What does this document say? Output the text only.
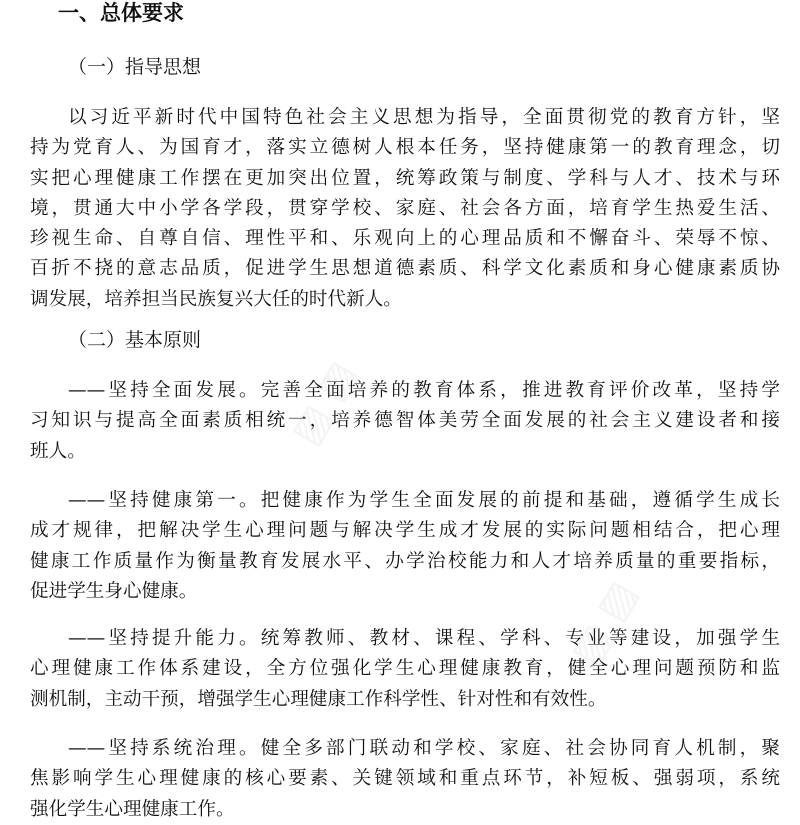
一、总体要求
（一）指导思想
以习近平新时代中国特色社会主义思想为指导，全面贯彻党的教育方针，坚
持为党育人、为国育才，落实立德树人根本任务，坚持健康第一的教育理念，切
实把心理健康工作摆在更加突出位置，统筹政策与制度、学科与人才、技术与环
境，贯通大中小学各学段，贯穿学校、家庭、社会各方面，培育学生热爱生活、
珍视生命、自尊自信、理性平和、乐观向上的心理品质和不懈奋斗、荣辱不惊、
百折不挠的意志品质，促进学生思想道德素质、科学文化素质和身心健康素质协
调发展，培养担当民族复兴大任的时代新人。
（二）基本原则
——坚持全面发展。完善全面培养的教育体系，推进教育评价改革，坚持学
习知识与提高全面素质相统一，培养德智体美劳全面发展的社会主义建设者和接
班人。
——坚持健康第一。把健康作为学生全面发展的前提和基础，遵循学生成长
成才规律，把解决学生心理问题与解决学生成才发展的实际问题相结合，把心理
健康工作质量作为衡量教育发展水平、办学治校能力和人才培养质量的重要指标，
促进学生身心健康。
——坚持提升能力。统筹教师、教材、课程、学科、专业等建设，加强学生
心理健康工作体系建设，全方位强化学生心理健康教育，健全心理问题预防和监
测机制，主动干预，增强学生心理健康工作科学性、针对性和有效性。
——坚持系统治理。健全多部门联动和学校、家庭、社会协同育人机制，聚
焦影响学生心理健康的核心要素、关键领域和重点环节，补短板、强弱项，系统
强化学生心理健康工作。
▨ ▨
▨ ▨
